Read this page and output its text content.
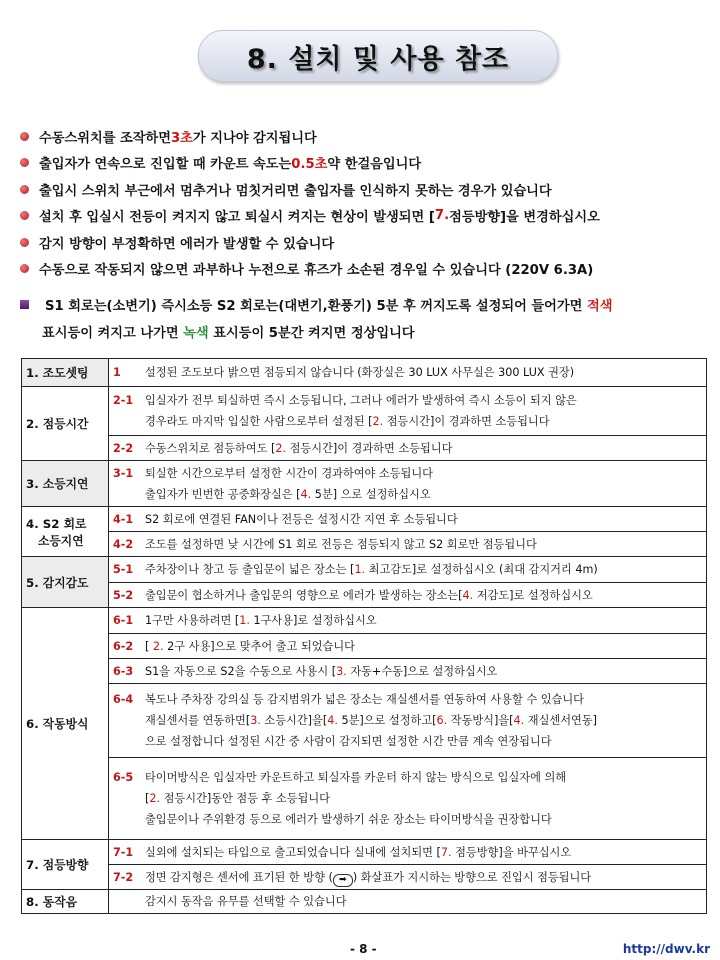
8. 설치 및 사용 참조
수동스위치를 조작하면 3초 가 지나야 감지됩니다
출입자가 연속으로 진입할 때 카운트 속도는 0.5초 약 한걸음입니다
출입시 스위치 부근에서 멈추거나 멈칫거리면 출입자를 인식하지 못하는 경우가 있습니다
설치 후 입실시 전등이 켜지지 않고 퇴실시 켜지는 현상이 발생되면 [ 7. 점등방향]을 변경하십시오
감지 방향이 부정확하면 에러가 발생할 수 있습니다
수동으로 작동되지 않으면 과부하나 누전으로 휴즈가 소손된 경우일 수 있습니다 (220V 6.3A)
S1 회로는(소변기) 즉시소등 S2 회로는(대변기,환풍기) 5분 후 꺼지도록 설정되어 들어가면 적색
표시등이 켜지고 나가면 녹색 표시등이 5분간 켜지면 정상입니다
1. 조도셋팅	1 설정된 조도보다 밝으면 점등되지 않습니다 (화장실은 30 LUX 사무실은 300 LUX 권장)

2. 점등시간	2-1 입실자가 전부 퇴실하면 즉시 소등됩니다, 그러나 에러가 발생하여 즉시 소등이 되지 않은
경우라도 마지막 입실한 사람으로부터 설정된 [2. 점등시간]이 경과하면 소등됩니다

	2-2 수동스위치로 점등하여도 [2. 점등시간]이 경과하면 소등됩니다

3. 소등지연	3-1 퇴실한 시간으로부터 설정한 시간이 경과하여야 소등됩니다
출입자가 빈번한 공중화장실은 [4. 5분] 으로 설정하십시오

4. S2 회로
소등지연	4-1 S2 회로에 연결된 FAN이나 전등은 설정시간 지연 후 소등됩니다

	4-2 조도를 설정하면 낮 시간에 S1 회로 전등은 점등되지 않고 S2 회로만 점등됩니다

5. 감지감도	5-1 주차장이나 창고 등 출입문이 넓은 장소는 [1. 최고감도]로 설정하십시오 (최대 감지거리 4m)

	5-2 출입문이 협소하거나 출입문의 영향으로 에러가 발생하는 장소는[4. 저감도]로 설정하십시오

6. 작동방식	6-1 1구만 사용하려면 [1. 1구사용]로 설정하십시오

	6-2 [ 2. 2구 사용]으로 맞추어 출고 되었습니다

	6-3 S1을 자동으로 S2을 수동으로 사용시 [3. 자동+수동]으로 설정하십시오

	6-4 복도나 주차장 강의실 등 감지범위가 넓은 장소는 재실센서를 연동하여 사용할 수 있습니다
재실센서를 연동하면[3. 소등시간]을[4. 5분]으로 설정하고[6. 작동방식]을[4. 재실센서연동]
으로 설정합니다 설정된 시간 중 사람이 감지되면 설정한 시간 만큼 계속 연장됩니다

	6-5 타이머방식은 입실자만 카운트하고 퇴실자를 카운터 하지 않는 방식으로 입실자에 의해
[2. 점등시간]동안 점등 후 소등됩니다
출입문이나 주위환경 등으로 에러가 발생하기 쉬운 장소는 타이머방식을 권장합니다

7. 점등방향	7-1 실외에 설치되는 타입으로 출고되었습니다 실내에 설치되면 [7. 점등방향]을 바꾸십시오

	7-2 정면 감지형은 센서에 표기된 한 방향 ( ➡ ) 화살표가 지시하는 방향으로 진입시 점등됩니다

8. 동작음	감지시 동작음 유무를 선택할 수 있습니다
- 8 -	http://dwv.kr
